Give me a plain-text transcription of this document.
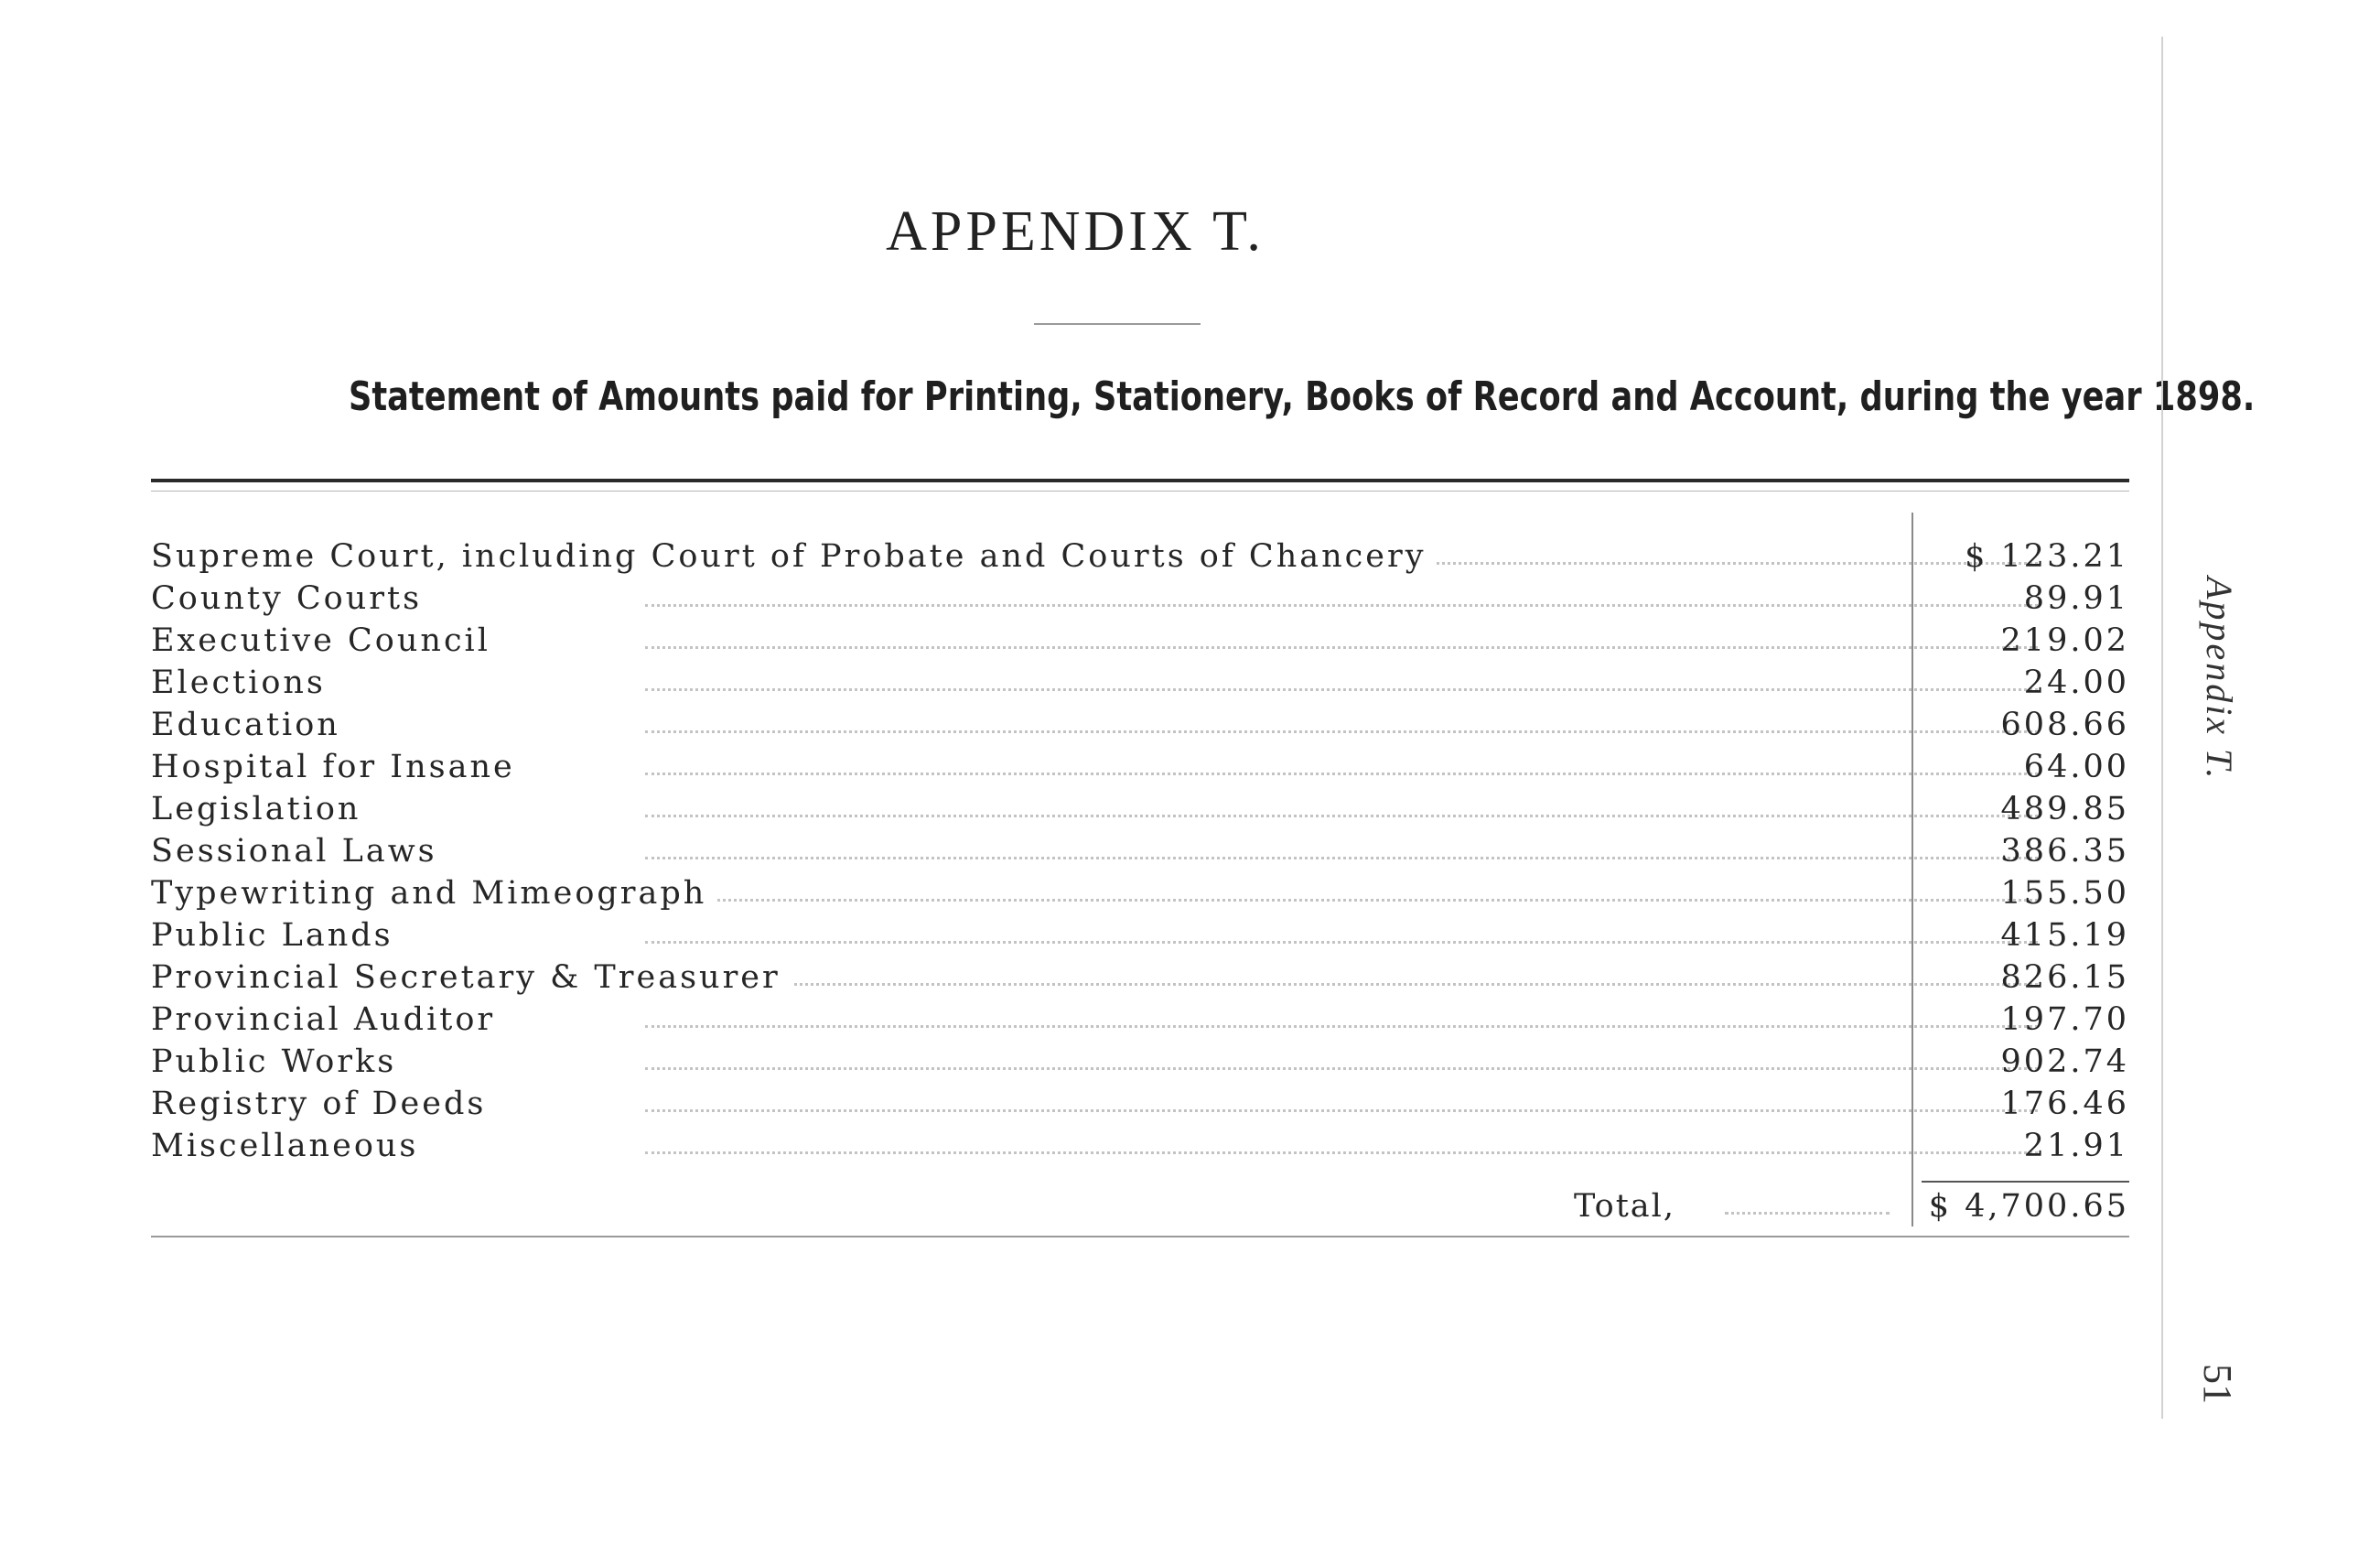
APPENDIX T.
Statement of Amounts paid for Printing, Stationery, Books of Record and Account, during the year 1898.
Supreme Court, including Court of Probate and Courts of Chancery	$ 123.21
County Courts	89.91
Executive Council	219.02
Elections	24.00
Education	608.66
Hospital for Insane	64.00
Legislation	489.85
Sessional Laws	386.35
Typewriting and Mimeograph	155.50
Public Lands	415.19
Provincial Secretary & Treasurer	826.15
Provincial Auditor	197.70
Public Works	902.74
Registry of Deeds	176.46
Miscellaneous	21.91
Total,	$ 4,700.65
Appendix T.
51
